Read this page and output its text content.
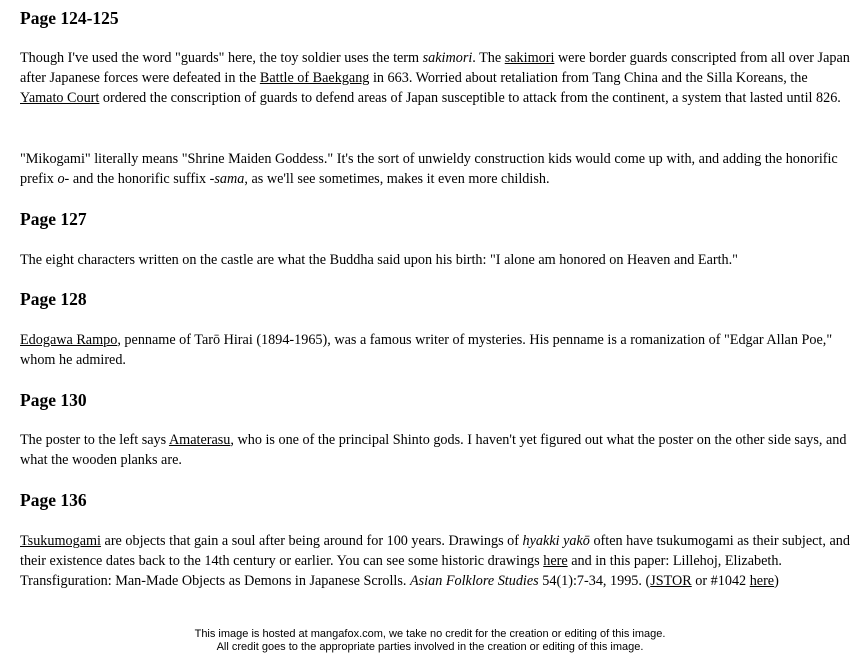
Page 124-125

Though I've used the word "guards" here, the toy soldier uses the term sakimori. The sakimori were border guards conscripted from all over Japan after Japanese forces were defeated in the Battle of Baekgang in 663. Worried about retaliation from Tang China and the Silla Koreans, the Yamato Court ordered the conscription of guards to defend areas of Japan susceptible to attack from the continent, a system that lasted until 826.

"Mikogami" literally means "Shrine Maiden Goddess." It's the sort of unwieldy construction kids would come up with, and adding the honorific prefix o- and the honorific suffix -sama, as we'll see sometimes, makes it even more childish.

Page 127

The eight characters written on the castle are what the Buddha said upon his birth: "I alone am honored on Heaven and Earth."

Page 128

Edogawa Rampo, penname of Tarō Hirai (1894-1965), was a famous writer of mysteries. His penname is a romanization of "Edgar Allan Poe," whom he admired.

Page 130

The poster to the left says Amaterasu, who is one of the principal Shinto gods. I haven't yet figured out what the poster on the other side says, and what the wooden planks are.

Page 136

Tsukumogami are objects that gain a soul after being around for 100 years. Drawings of hyakki yakō often have tsukumogami as their subject, and their existence dates back to the 14th century or earlier. You can see some historic drawings here and in this paper: Lillehoj, Elizabeth. Transfiguration: Man-Made Objects as Demons in Japanese Scrolls. Asian Folklore Studies 54(1):7-34, 1995. (JSTOR or #1042 here)

This image is hosted at mangafox.com, we take no credit for the creation or editing of this image.
All credit goes to the appropriate parties involved in the creation or editing of this image.
